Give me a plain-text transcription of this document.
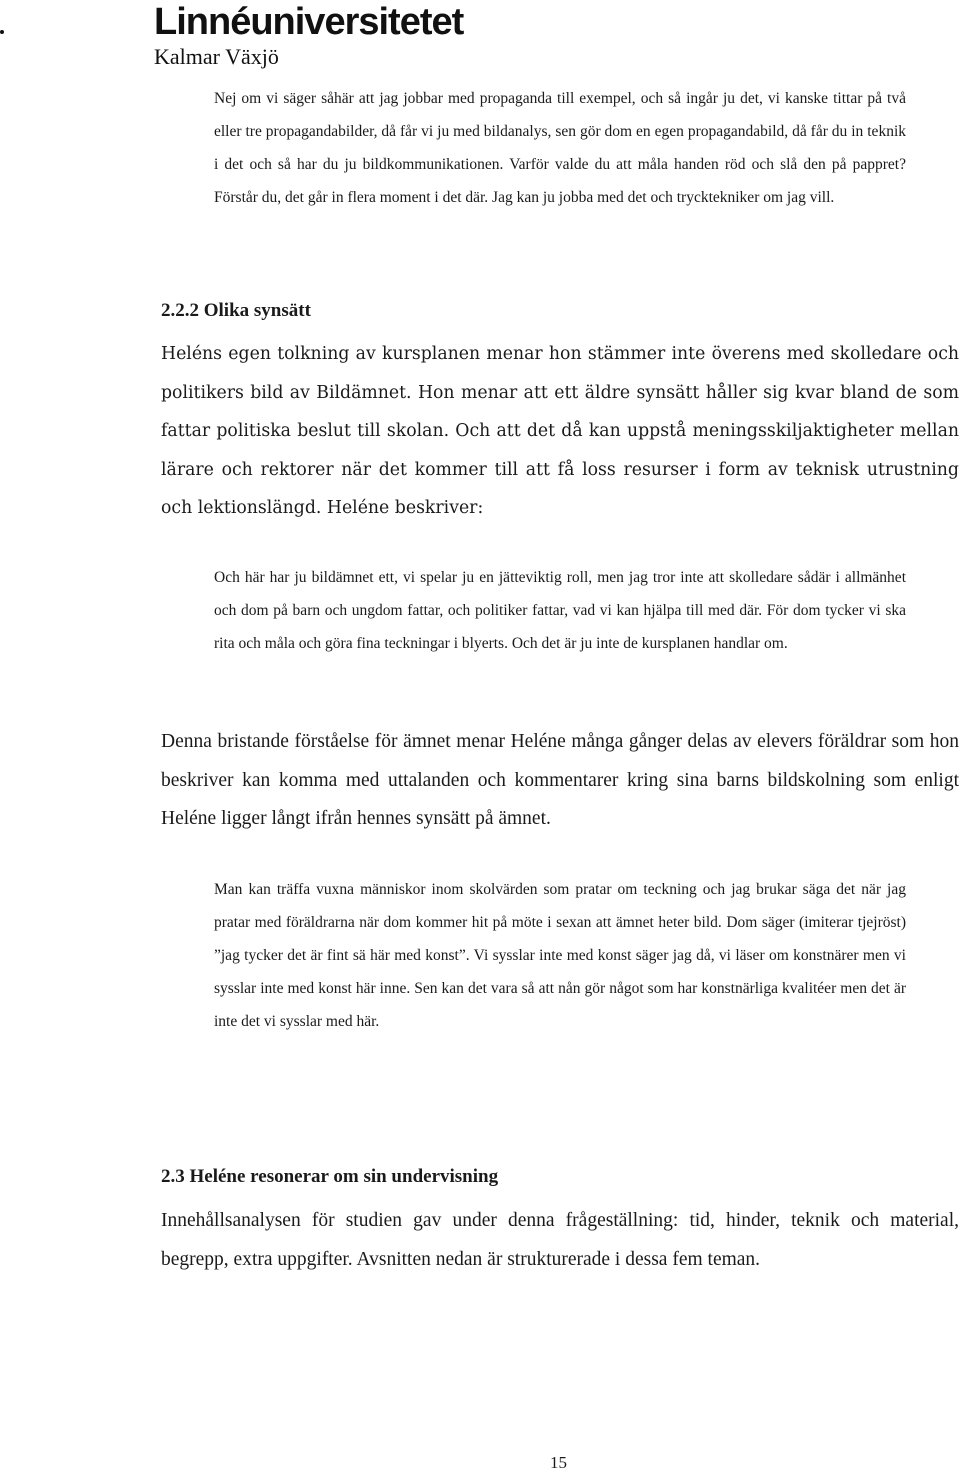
Linnéuniversitetet
Kalmar Växjö

Nej om vi säger såhär att jag jobbar med propaganda till exempel, och så ingår ju det, vi kanske tittar på två eller tre propagandabilder, då får vi ju med bildanalys, sen gör dom en egen propagandabild, då får du in teknik i det och så har du ju bildkommunikationen. Varför valde du att måla handen röd och slå den på pappret? Förstår du, det går in flera moment i det där. Jag kan ju jobba med det och trycktekniker om jag vill.

2.2.2 Olika synsätt

Heléns egen tolkning av kursplanen menar hon stämmer inte överens med skolledare och politikers bild av Bildämnet. Hon menar att ett äldre synsätt håller sig kvar bland de som fattar politiska beslut till skolan. Och att det då kan uppstå meningsskiljaktigheter mellan lärare och rektorer när det kommer till att få loss resurser i form av teknisk utrustning och lektionslängd. Heléne beskriver:

Och här har ju bildämnet ett, vi spelar ju en jätteviktig roll, men jag tror inte att skolledare sådär i allmänhet och dom på barn och ungdom fattar, och politiker fattar, vad vi kan hjälpa till med där. För dom tycker vi ska rita och måla och göra fina teckningar i blyerts. Och det är ju inte de kursplanen handlar om.

Denna bristande förståelse för ämnet menar Heléne många gånger delas av elevers föräldrar som hon beskriver kan komma med uttalanden och kommentarer kring sina barns bildskolning som enligt Heléne ligger långt ifrån hennes synsätt på ämnet.

Man kan träffa vuxna människor inom skolvärden som pratar om teckning och jag brukar säga det när jag pratar med föräldrarna när dom kommer hit på möte i sexan att ämnet heter bild. Dom säger (imiterar tjejröst) ”jag tycker det är fint sä här med konst”. Vi sysslar inte med konst säger jag då, vi läser om konstnärer men vi sysslar inte med konst här inne. Sen kan det vara så att nån gör något som har konstnärliga kvalitéer men det är inte det vi sysslar med här.

2.3 Heléne resonerar om sin undervisning

Innehållsanalysen för studien gav under denna frågeställning: tid, hinder, teknik och material, begrepp, extra uppgifter. Avsnitten nedan är strukturerade i dessa fem teman.

15
